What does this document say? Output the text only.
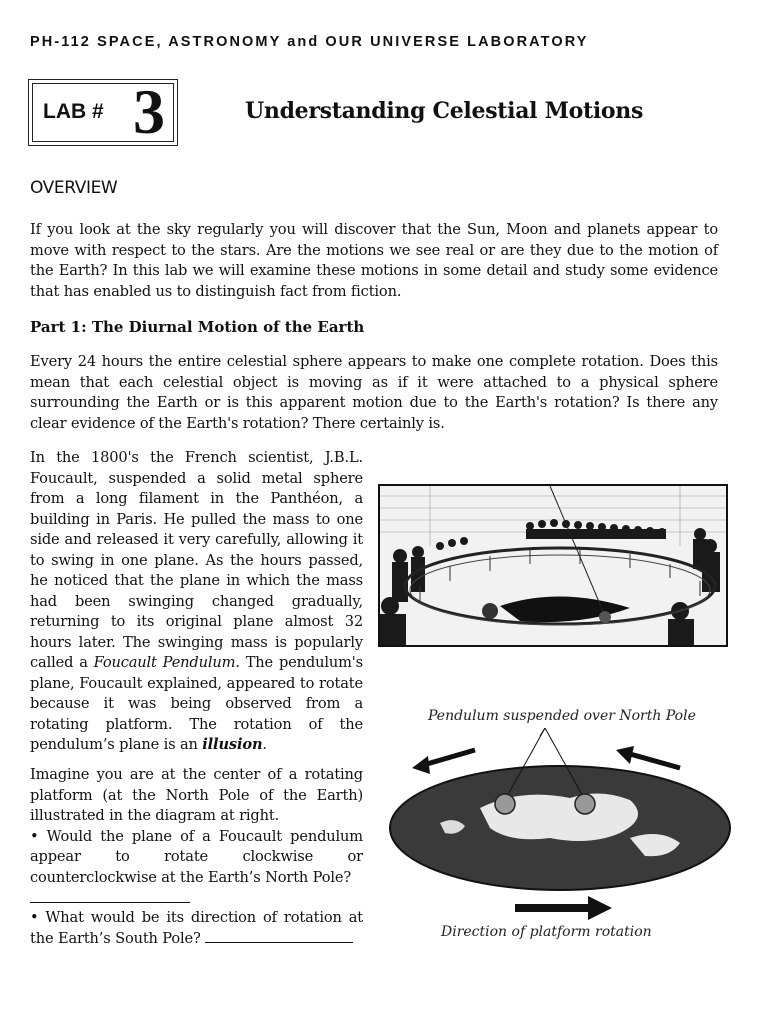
PH-112 SPACE, ASTRONOMY and OUR UNIVERSE LABORATORY
LAB # 3	Understanding Celestial Motions
OVERVIEW

If you look at the sky regularly you will discover that the Sun, Moon and planets appear to move with respect to the stars. Are the motions we see real or are they due to the motion of the Earth? In this lab we will examine these motions in some detail and study some evidence that has enabled us to distinguish fact from fiction.

Part 1: The Diurnal Motion of the Earth

Every 24 hours the entire celestial sphere appears to make one complete rotation. Does this mean that each celestial object is moving as if it were attached to a physical sphere surrounding the Earth or is this apparent motion due to the Earth's rotation? Is there any clear evidence of the Earth's rotation? There certainly is.

In the 1800's the French scientist, J.B.L. Foucault, suspended a solid metal sphere from a long filament in the Panthéon, a building in Paris. He pulled the mass to one side and released it very carefully, allowing it to swing in one plane. As the hours passed, he noticed that the plane in which the mass had been swinging changed gradually, returning to its original plane almost 32 hours later. The swinging mass is popularly called a Foucault Pendulum. The pendulum's plane, Foucault explained, appeared to rotate because it was being observed from a rotating platform. The rotation of the pendulum’s plane is an illusion.

Imagine you are at the center of a rotating platform (at the North Pole of the Earth) illustrated in the diagram at right.
• Would the plane of a Foucault pendulum appear to rotate clockwise or counterclockwise at the Earth’s North Pole?
• What would be its direction of rotation at the Earth’s South Pole?
Pendulum suspended over North Pole
Direction of platform rotation
